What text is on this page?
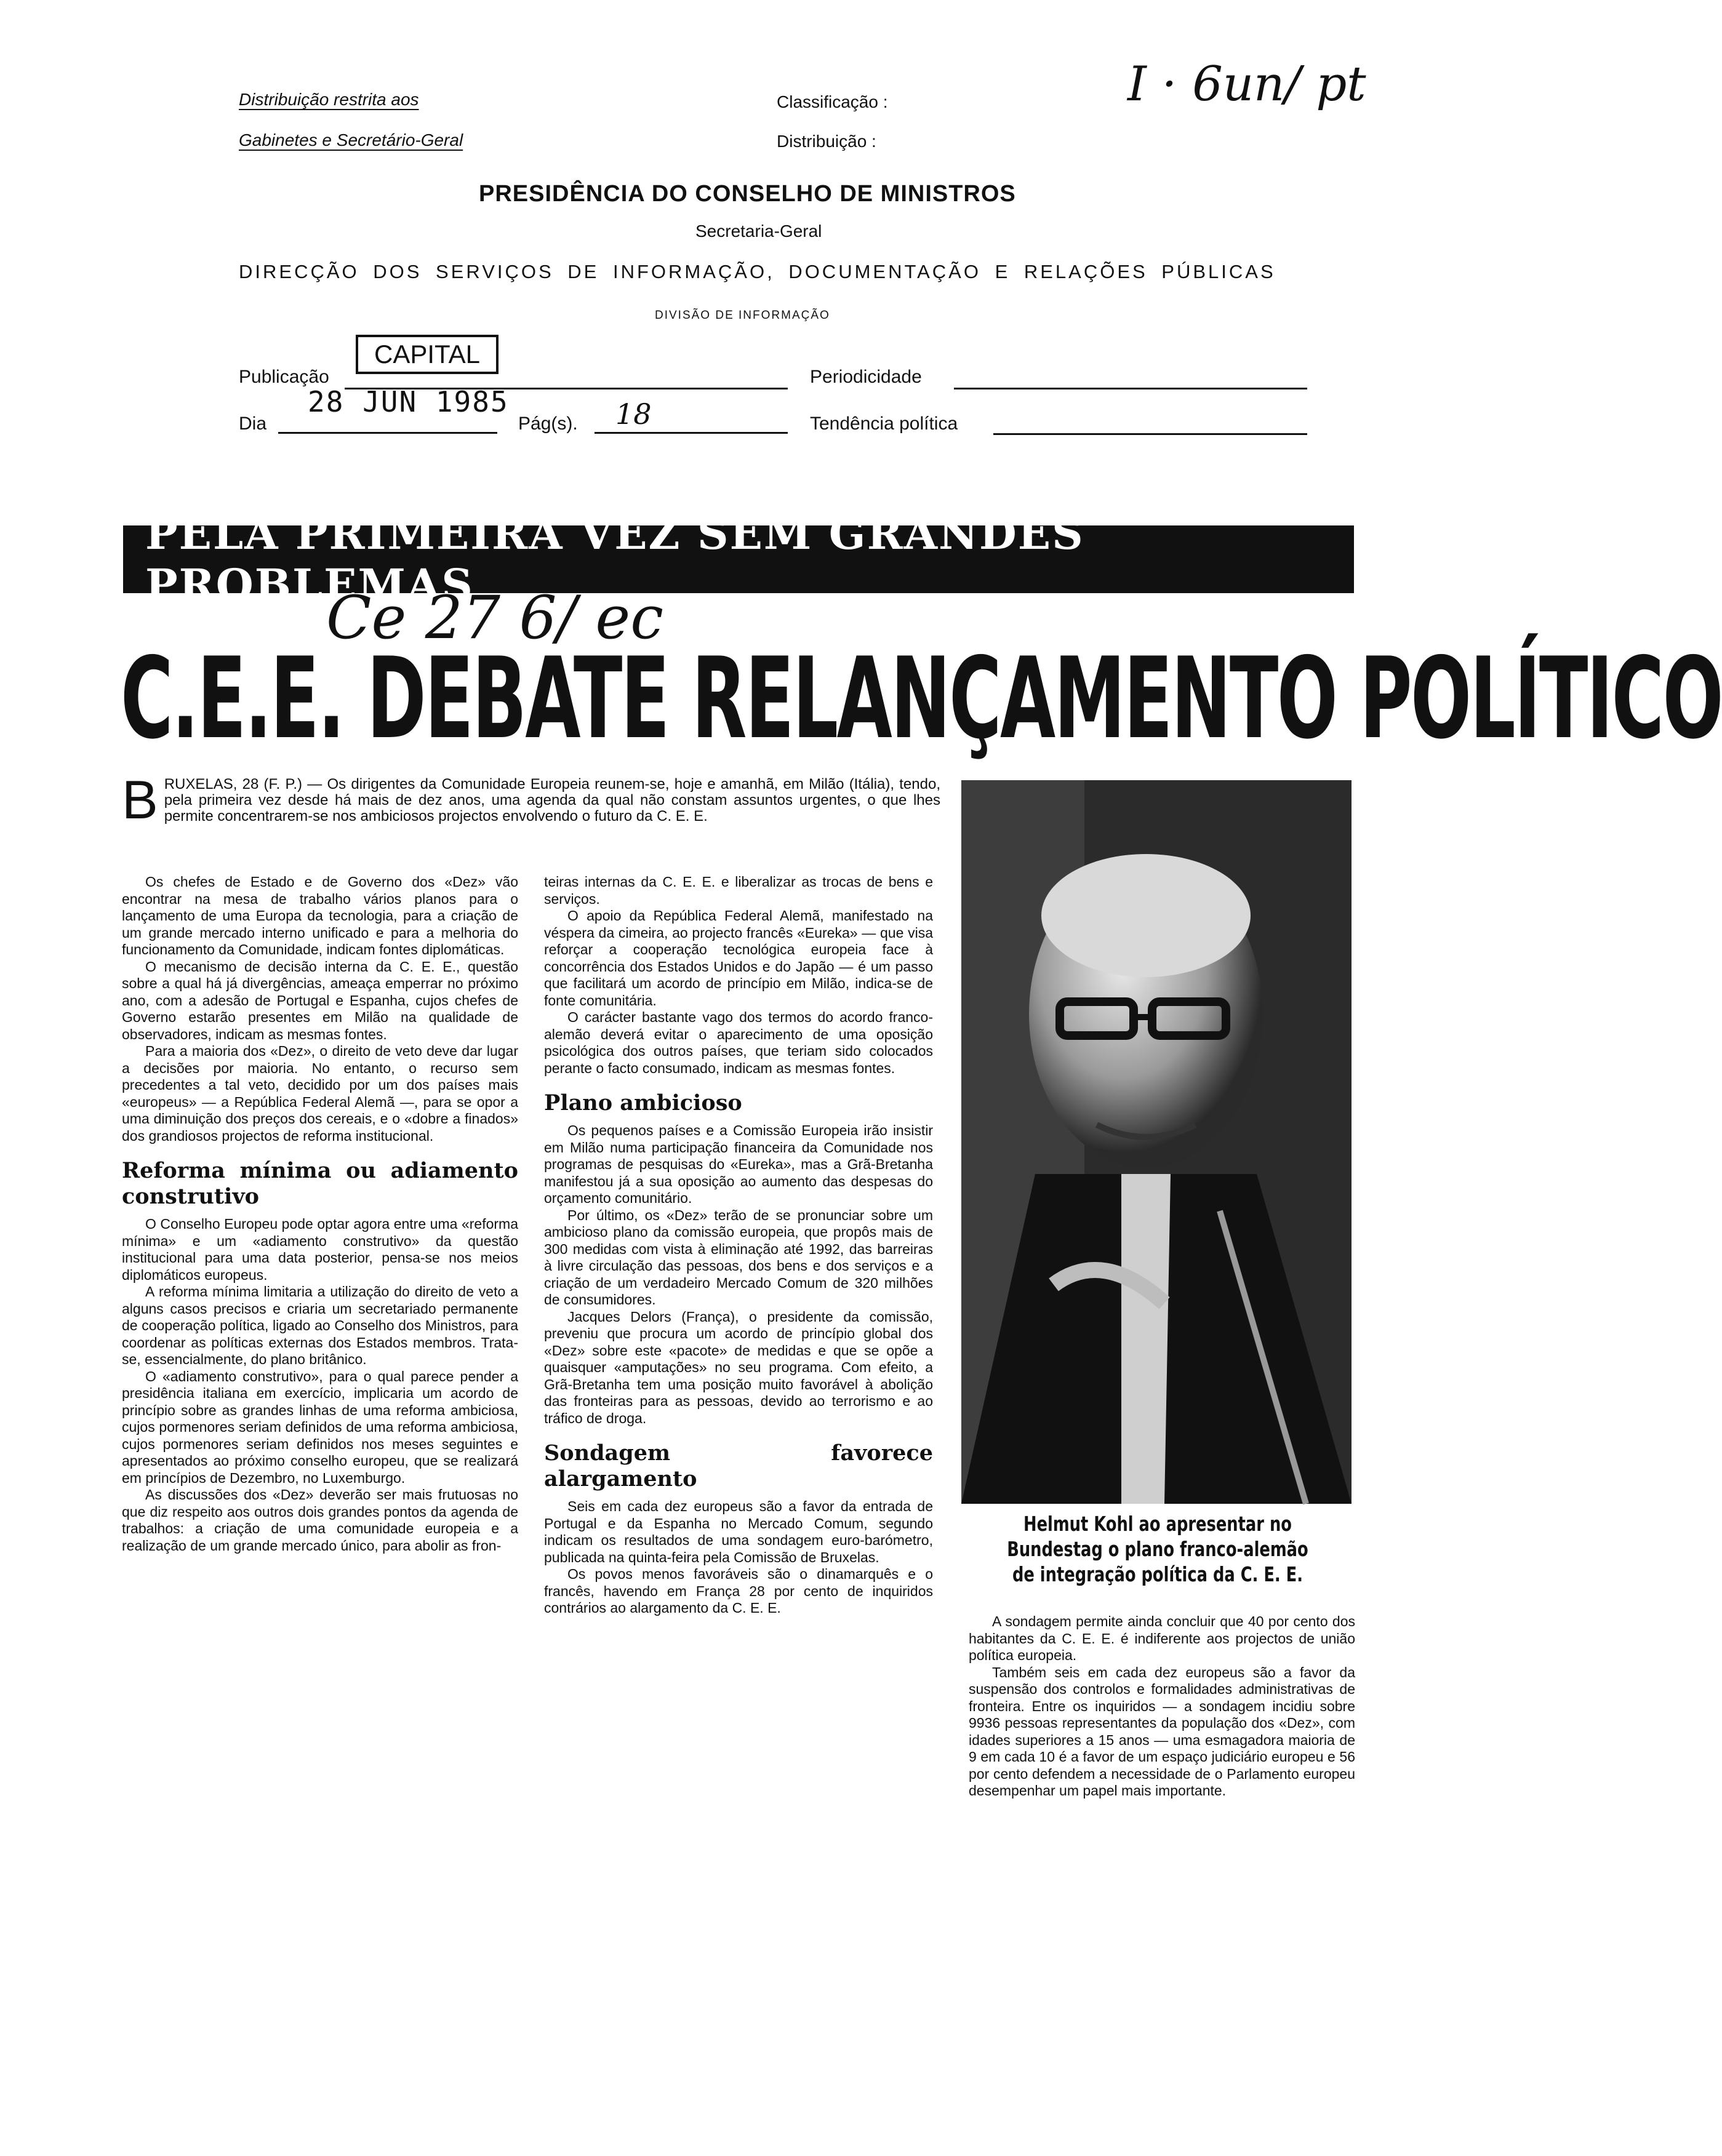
Distribuição restrita aos
Gabinetes e Secretário-Geral
Classificação :
Distribuição :
I · 6un/ pt
PRESIDÊNCIA DO CONSELHO DE MINISTROS
Secretaria-Geral
DIRECÇÃO DOS SERVIÇOS DE INFORMAÇÃO, DOCUMENTAÇÃO E RELAÇÕES PÚBLICAS
DIVISÃO DE INFORMAÇÃO
Publicação
CAPITAL
Periodicidade
Dia
28 JUN 1985
Pág(s). 18	Tendência política
PELA PRIMEIRA VEZ SEM GRANDES PROBLEMAS
Ce 27 6/ ec
C.E.E. DEBATE RELANÇAMENTO POLÍTICO
BRUXELAS, 28 (F. P.) — Os dirigentes da Comunidade Europeia reunem-se, hoje e amanhã, em Milão (Itália), tendo, pela primeira vez desde há mais de dez anos, uma agenda da qual não constam assuntos urgentes, o que lhes permite concentrarem-se nos ambiciosos projectos envolvendo o futuro da C. E. E.

Os chefes de Estado e de Governo dos «Dez» vão encontrar na mesa de trabalho vários planos para o lançamento de uma Europa da tecnologia, para a criação de um grande mercado interno unificado e para a melhoria do funcionamento da Comunidade, indicam fontes diplomáticas.

O mecanismo de decisão interna da C. E. E., questão sobre a qual há já divergências, ameaça emperrar no próximo ano, com a adesão de Portugal e Espanha, cujos chefes de Governo estarão presentes em Milão na qualidade de observadores, indicam as mesmas fontes.

Para a maioria dos «Dez», o direito de veto deve dar lugar a decisões por maioria. No entanto, o recurso sem precedentes a tal veto, decidido por um dos países mais «europeus» — a República Federal Alemã —, para se opor a uma diminuição dos preços dos cereais, e o «dobre a finados» dos grandiosos projectos de reforma institucional.

Reforma mínima ou adiamento construtivo

O Conselho Europeu pode optar agora entre uma «reforma mínima» e um «adiamento construtivo» da questão institucional para uma data posterior, pensa-se nos meios diplomáticos europeus.

A reforma mínima limitaria a utilização do direito de veto a alguns casos precisos e criaria um secretariado permanente de cooperação política, ligado ao Conselho dos Ministros, para coordenar as políticas externas dos Estados membros. Trata-se, essencialmente, do plano britânico.

O «adiamento construtivo», para o qual parece pender a presidência italiana em exercício, implicaria um acordo de princípio sobre as grandes linhas de uma reforma ambiciosa, cujos pormenores seriam definidos de uma reforma ambiciosa, cujos pormenores seriam definidos nos meses seguintes e apresentados ao próximo conselho europeu, que se realizará em princípios de Dezembro, no Luxemburgo.

As discussões dos «Dez» deverão ser mais frutuosas no que diz respeito aos outros dois grandes pontos da agenda de trabalhos: a criação de uma comunidade europeia e a realização de um grande mercado único, para abolir as fron-

teiras internas da C. E. E. e liberalizar as trocas de bens e serviços.

O apoio da República Federal Alemã, manifestado na véspera da cimeira, ao projecto francês «Eureka» — que visa reforçar a cooperação tecnológica europeia face à concorrência dos Estados Unidos e do Japão — é um passo que facilitará um acordo de princípio em Milão, indica-se de fonte comunitária.

O carácter bastante vago dos termos do acordo franco-alemão deverá evitar o aparecimento de uma oposição psicológica dos outros países, que teriam sido colocados perante o facto consumado, indicam as mesmas fontes.

Plano ambicioso

Os pequenos países e a Comissão Europeia irão insistir em Milão numa participação financeira da Comunidade nos programas de pesquisas do «Eureka», mas a Grã-Bretanha manifestou já a sua oposição ao aumento das despesas do orçamento comunitário.

Por último, os «Dez» terão de se pronunciar sobre um ambicioso plano da comissão europeia, que propôs mais de 300 medidas com vista à eliminação até 1992, das barreiras à livre circulação das pessoas, dos bens e dos serviços e a criação de um verdadeiro Mercado Comum de 320 milhões de consumidores.

Jacques Delors (França), o presidente da comissão, preveniu que procura um acordo de princípio global dos «Dez» sobre este «pacote» de medidas e que se opõe a quaisquer «amputações» no seu programa. Com efeito, a Grã-Bretanha tem uma posição muito favorável à abolição das fronteiras para as pessoas, devido ao terrorismo e ao tráfico de droga.

Sondagem favorece alargamento

Seis em cada dez europeus são a favor da entrada de Portugal e da Espanha no Mercado Comum, segundo indicam os resultados de uma sondagem euro-barómetro, publicada na quinta-feira pela Comissão de Bruxelas.

Os povos menos favoráveis são o dinamarquês e o francês, havendo em França 28 por cento de inquiridos contrários ao alargamento da C. E. E.

Helmut Kohl ao apresentar no Bundestag o plano franco-alemão de integração política da C. E. E.

A sondagem permite ainda concluir que 40 por cento dos habitantes da C. E. E. é indiferente aos projectos de união política europeia.

Também seis em cada dez europeus são a favor da suspensão dos controlos e formalidades administrativas de fronteira. Entre os inquiridos — a sondagem incidiu sobre 9936 pessoas representantes da população dos «Dez», com idades superiores a 15 anos — uma esmagadora maioria de 9 em cada 10 é a favor de um espaço judiciário europeu e 56 por cento defendem a necessidade de o Parlamento europeu desempenhar um papel mais importante.
